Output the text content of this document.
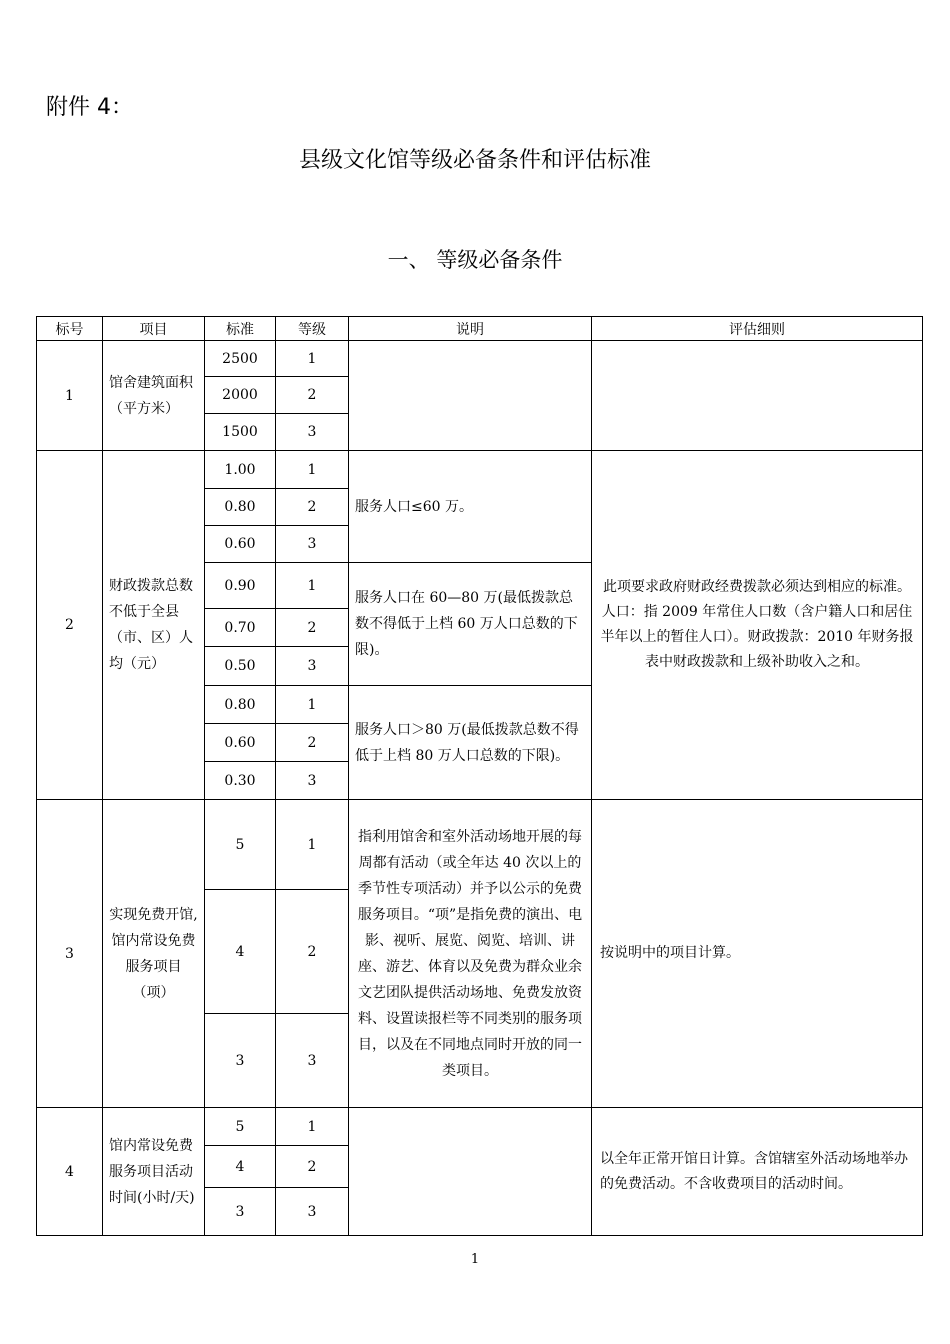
附件 4：
县级文化馆等级必备条件和评估标准
一、 等级必备条件
标号	项目	标准	等级	说明	评估细则
1	馆舍建筑面积（平方米）	2500	1		
		2000	2		
		1500	3		
2	财政拨款总数不低于全县（市、区）人均（元）	1.00	1	服务人口≤60 万。	此项要求政府财政经费拨款必须达到相应的标准。人口：指 2009 年常住人口数（含户籍人口和居住半年以上的暂住人口）。财政拨款：2010 年财务报表中财政拨款和上级补助收入之和。
		0.80	2		
		0.60	3		
		0.90	1	服务人口在 60—80 万(最低拨款总数不得低于上档 60 万人口总数的下限)。	
		0.70	2		
		0.50	3		
		0.80	1	服务人口＞80 万(最低拨款总数不得低于上档 80 万人口总数的下限)。	
		0.60	2		
		0.30	3		
3	实现免费开馆,馆内常设免费服务项目（项）	5	1	指利用馆舍和室外活动场地开展的每周都有活动（或全年达 40 次以上的季节性专项活动）并予以公示的免费服务项目。“项”是指免费的演出、电影、视听、展览、阅览、培训、讲座、游艺、体育以及免费为群众业余文艺团队提供活动场地、免费发放资料、设置读报栏等不同类别的服务项目，以及在不同地点同时开放的同一类项目。	按说明中的项目计算。
		4	2		
		3	3		
4	馆内常设免费服务项目活动时间(小时/天)	5	1		以全年正常开馆日计算。含馆辖室外活动场地举办的免费活动。不含收费项目的活动时间。
		4	2		
		3	3		
1
